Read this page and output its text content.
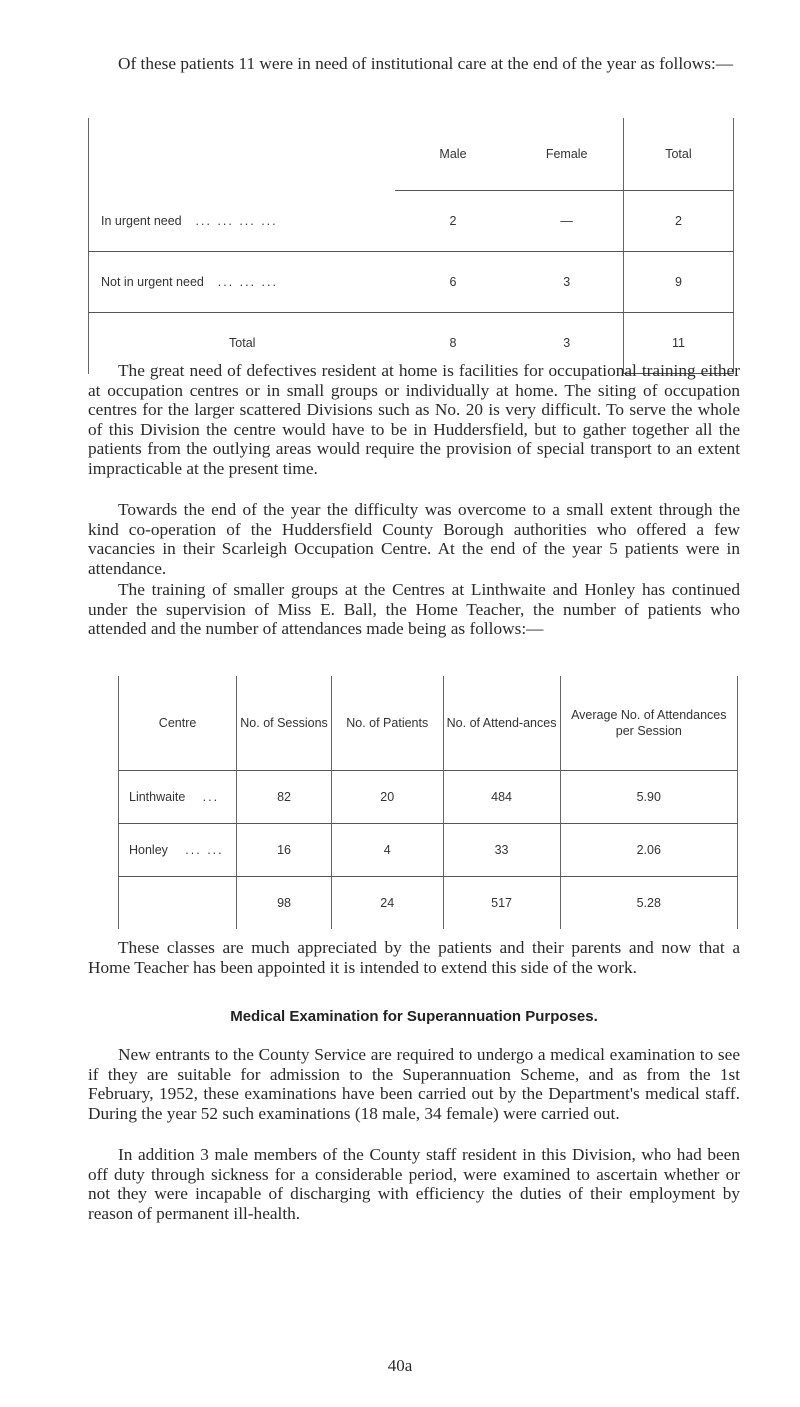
Of these patients 11 were in need of institutional care at the end of the year as follows:—

	Male	Female	Total
In urgent need ... ... ... ...	2	—	2
Not in urgent need ... ... ...	6	3	9
Total	8	3	11

The great need of defectives resident at home is facilities for occupational training either at occupation centres or in small groups or individually at home. The siting of occupation centres for the larger scattered Divisions such as No. 20 is very difficult. To serve the whole of this Division the centre would have to be in Huddersfield, but to gather together all the patients from the outlying areas would require the provision of special transport to an extent impracticable at the present time.

Towards the end of the year the difficulty was overcome to a small extent through the kind co-operation of the Huddersfield County Borough authorities who offered a few vacancies in their Scarleigh Occupation Centre. At the end of the year 5 patients were in attendance.

The training of smaller groups at the Centres at Linthwaite and Honley has continued under the supervision of Miss E. Ball, the Home Teacher, the number of patients who attended and the number of attendances made being as follows:—

Centre	No. of Sessions	No. of Patients	No. of Attend-ances	Average No. of Attendances per Session
Linthwaite ...	82	20	484	5.90
Honley ... ...	16	4	33	2.06
	98	24	517	5.28

These classes are much appreciated by the patients and their parents and now that a Home Teacher has been appointed it is intended to extend this side of the work.

Medical Examination for Superannuation Purposes.

New entrants to the County Service are required to undergo a medical examination to see if they are suitable for admission to the Superannuation Scheme, and as from the 1st February, 1952, these examinations have been carried out by the Department's medical staff. During the year 52 such examinations (18 male, 34 female) were carried out.

In addition 3 male members of the County staff resident in this Division, who had been off duty through sickness for a considerable period, were examined to ascertain whether or not they were incapable of discharging with efficiency the duties of their employment by reason of permanent ill-health.

40a
